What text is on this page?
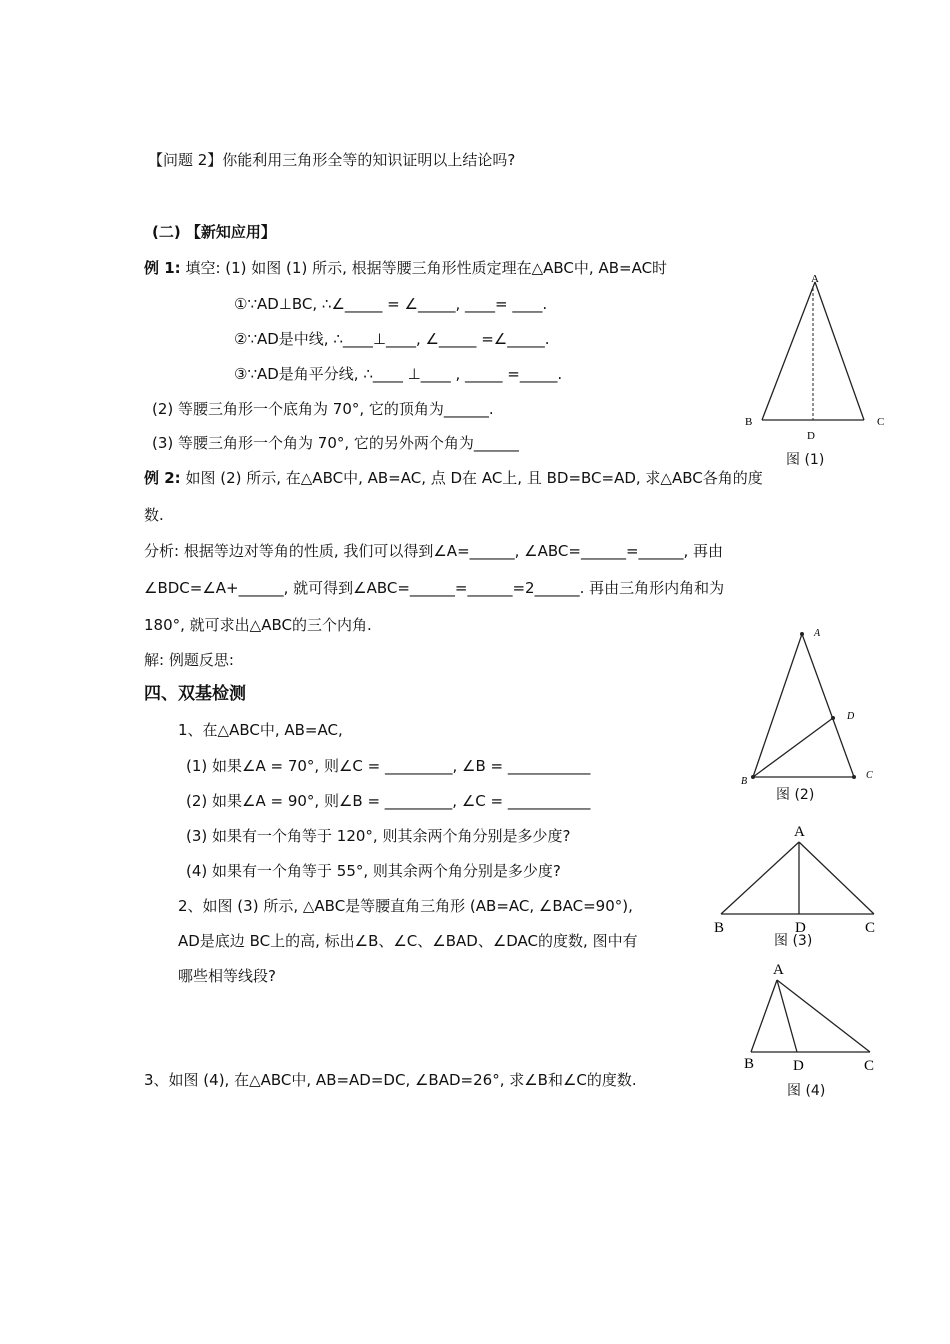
【问题 2】你能利用三角形全等的知识证明以上结论吗?
(二) 【新知应用】
例 1: 填空: (1) 如图 (1) 所示, 根据等腰三角形性质定理在△ABC中, AB=AC时
①∵AD⊥BC, ∴∠_____ = ∠_____, ____= ____.
②∵AD是中线, ∴____⊥____, ∠_____ =∠_____.
③∵AD是角平分线, ∴____ ⊥____ , _____ =_____.
(2) 等腰三角形一个底角为 70°, 它的顶角为______.
(3) 等腰三角形一个角为 70°, 它的另外两个角为______
例 2: 如图 (2) 所示, 在△ABC中, AB=AC, 点 D在 AC上, 且 BD=BC=AD, 求△ABC各角的度
数.
分析: 根据等边对等角的性质, 我们可以得到∠A=______, ∠ABC=______=______, 再由
∠BDC=∠A+______, 就可得到∠ABC=______=______=2______. 再由三角形内角和为
180°, 就可求出△ABC的三个内角.
解: 例题反思:
四、双基检测
1、在△ABC中, AB=AC,
(1) 如果∠A = 70°, 则∠C = _________, ∠B = ___________
(2) 如果∠A = 90°, 则∠B = _________, ∠C = ___________
(3) 如果有一个角等于 120°, 则其余两个角分别是多少度?
(4) 如果有一个角等于 55°, 则其余两个角分别是多少度?
2、如图 (3) 所示, △ABC是等腰直角三角形 (AB=AC, ∠BAC=90°),
AD是底边 BC上的高, 标出∠B、∠C、∠BAD、∠DAC的度数, 图中有
哪些相等线段?
3、如图 (4), 在△ABC中, AB=AD=DC, ∠BAD=26°, 求∠B和∠C的度数.
A
B	C
D
图 (1)
A
B
C
D
图 (2)
A
B	C
D
图 (3)
A
B	C
D
图 (4)
